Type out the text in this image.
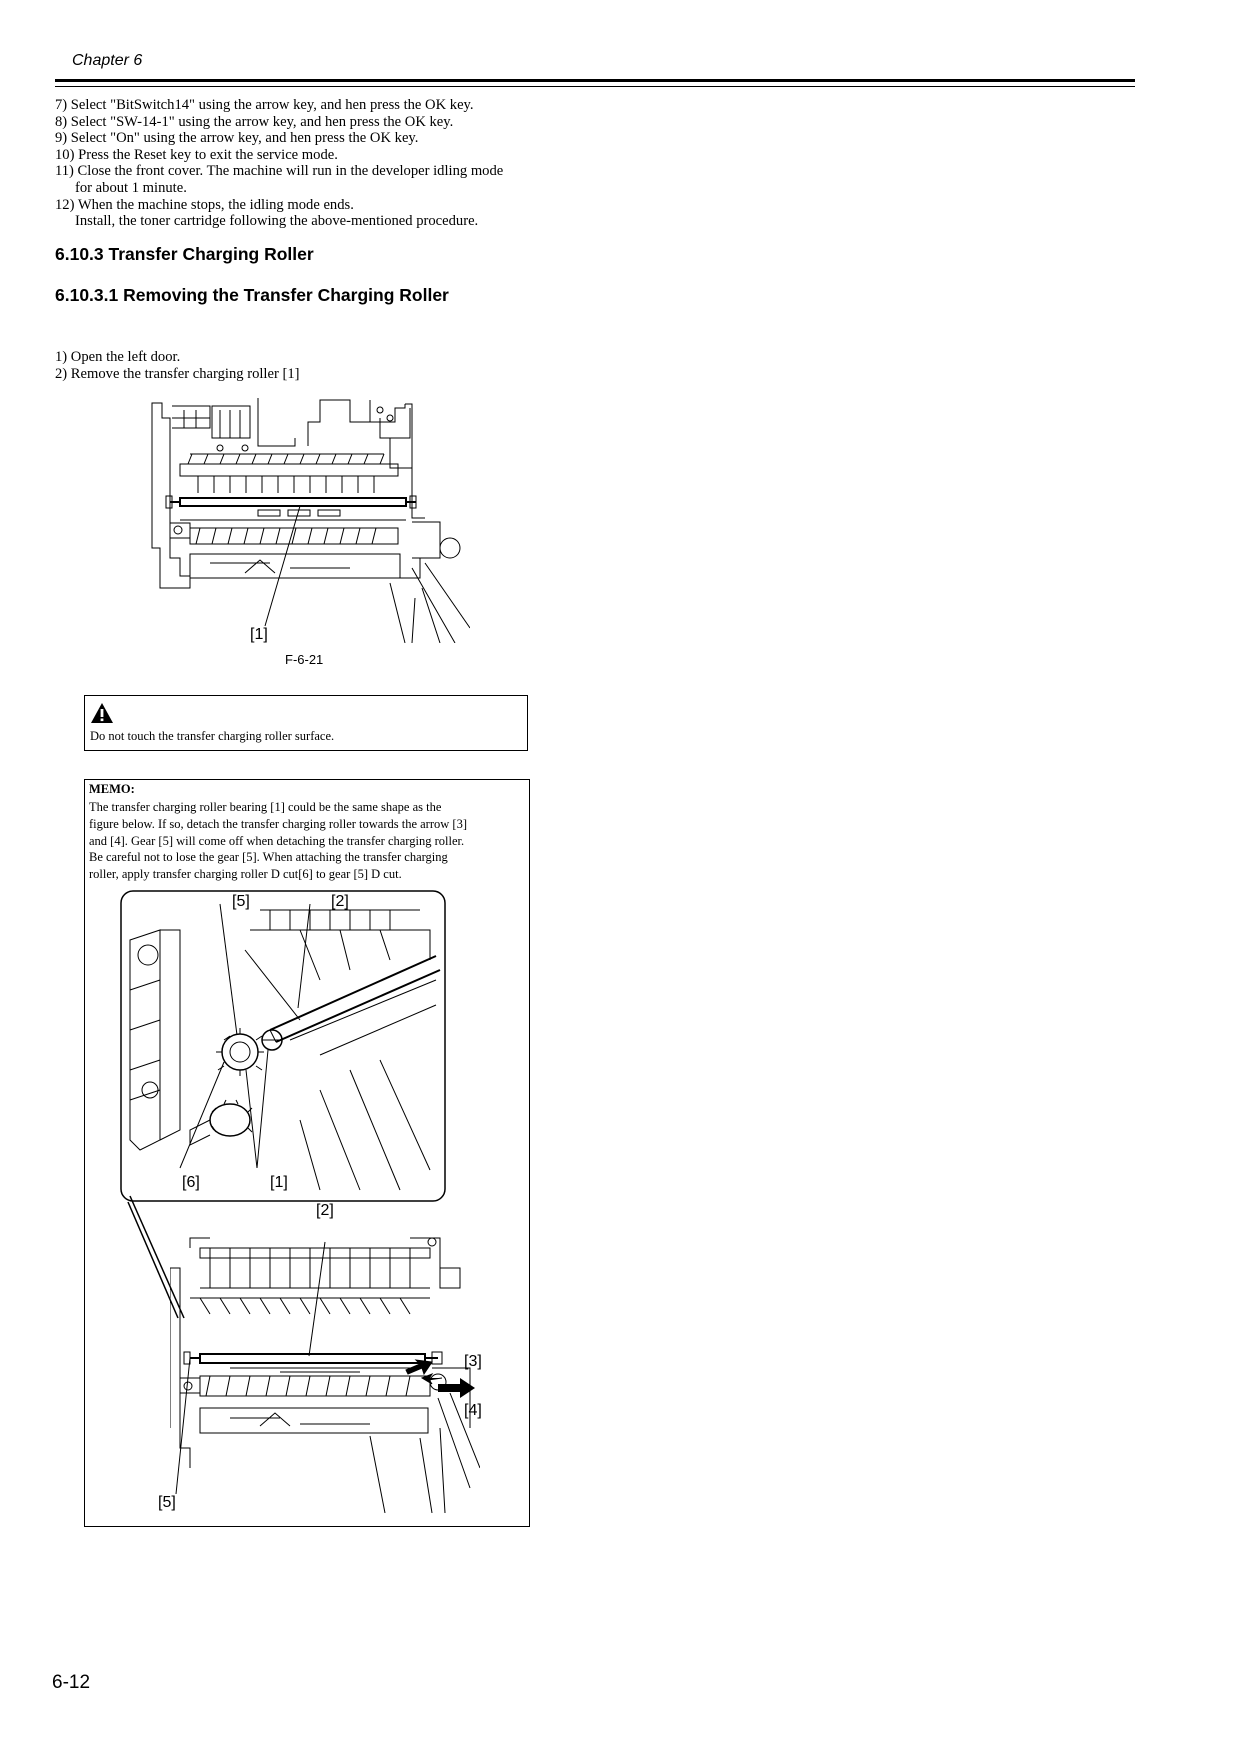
Chapter 6
7) Select "BitSwitch14" using the arrow key, and hen press the OK key.
8) Select "SW-14-1" using the arrow key, and hen press the OK key.
9) Select "On" using the arrow key, and hen press the OK key.
10) Press the Reset key to exit the service mode.
11) Close the front cover. The machine will run in the developer idling mode
for about 1 minute.
12) When the machine stops, the idling mode ends.
Install, the toner cartridge following the above-mentioned procedure.
6.10.3 Transfer Charging Roller
6.10.3.1 Removing the Transfer Charging Roller
1) Open the left door.
2) Remove the transfer charging roller [1]
[1]
F-6-21
Do not touch the transfer charging roller surface.
MEMO:
The transfer charging roller bearing [1] could be the same shape as the
figure below. If so, detach the transfer charging roller towards the arrow [3]
and [4]. Gear [5] will come off when detaching the transfer charging roller.
Be careful not to lose the gear [5]. When attaching the transfer charging
roller, apply transfer charging roller D cut[6] to gear [5] D cut.
[5]	[2]
[6]	[1]
[2]
[3]
[4]
[5]
6-12
